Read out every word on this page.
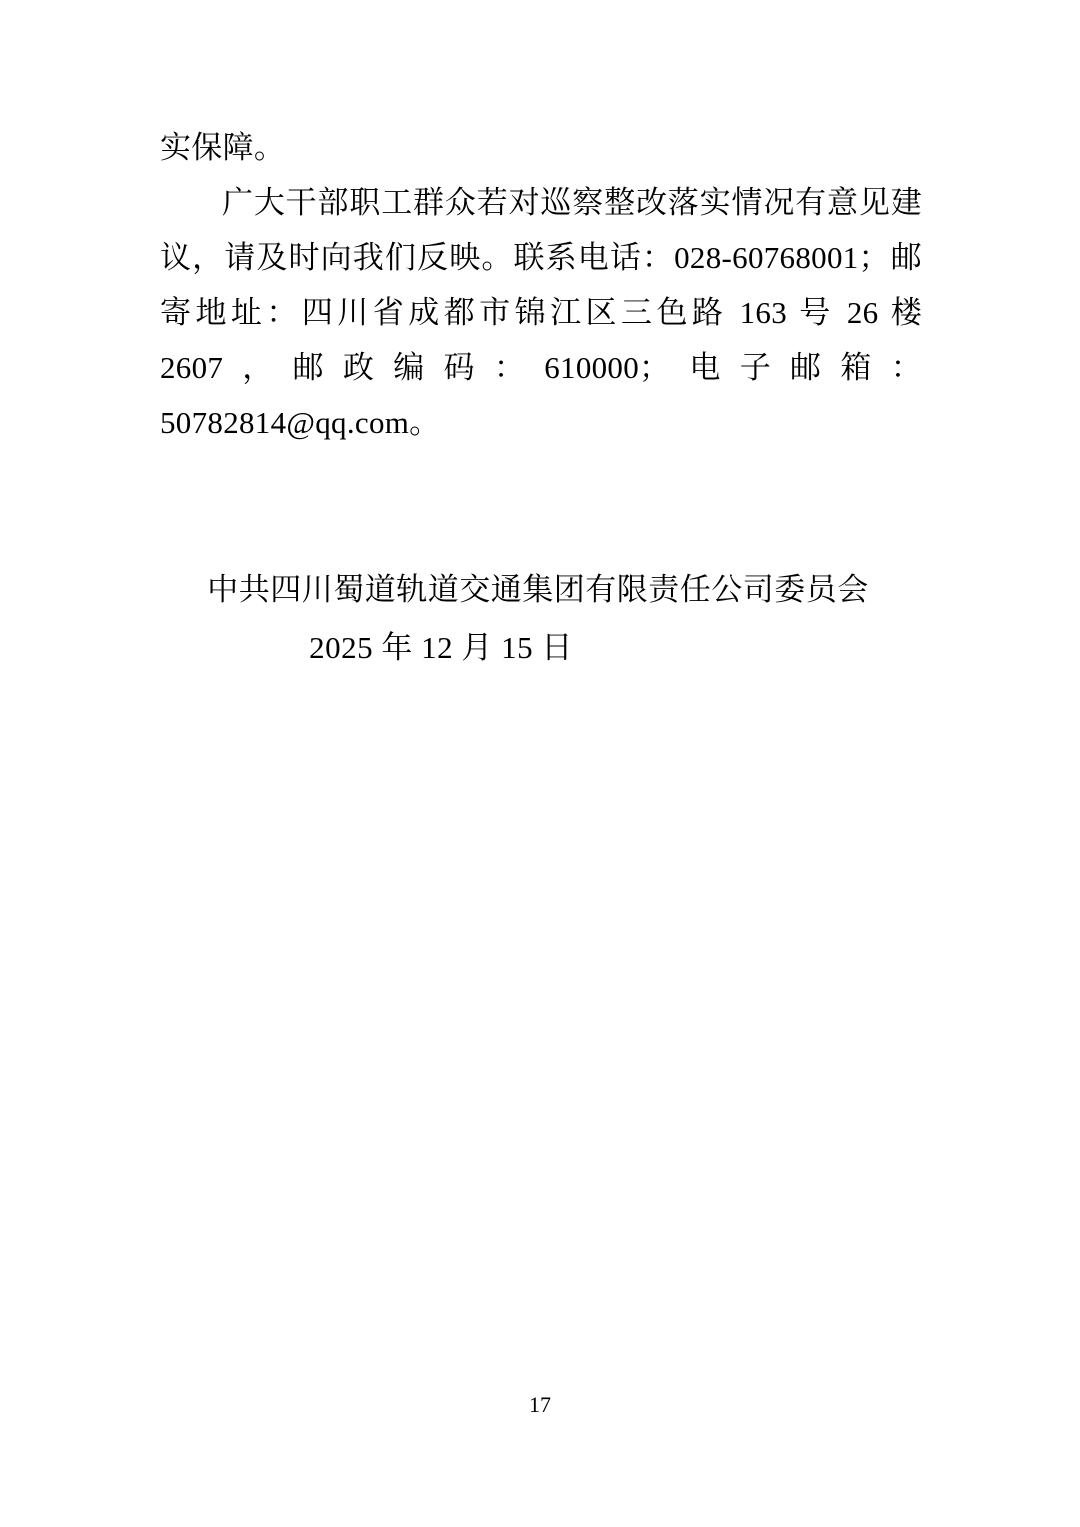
实保障。

广大干部职工群众若对巡察整改落实情况有意见建议，请及时向我们反映。联系电话：028-60768001；邮寄地址：四川省成都市锦江区三色路 163 号 26 楼 2607，邮政编码：610000；电子邮箱：50782814@qq.com。

中共四川蜀道轨道交通集团有限责任公司委员会

2025 年 12 月 15 日

17
